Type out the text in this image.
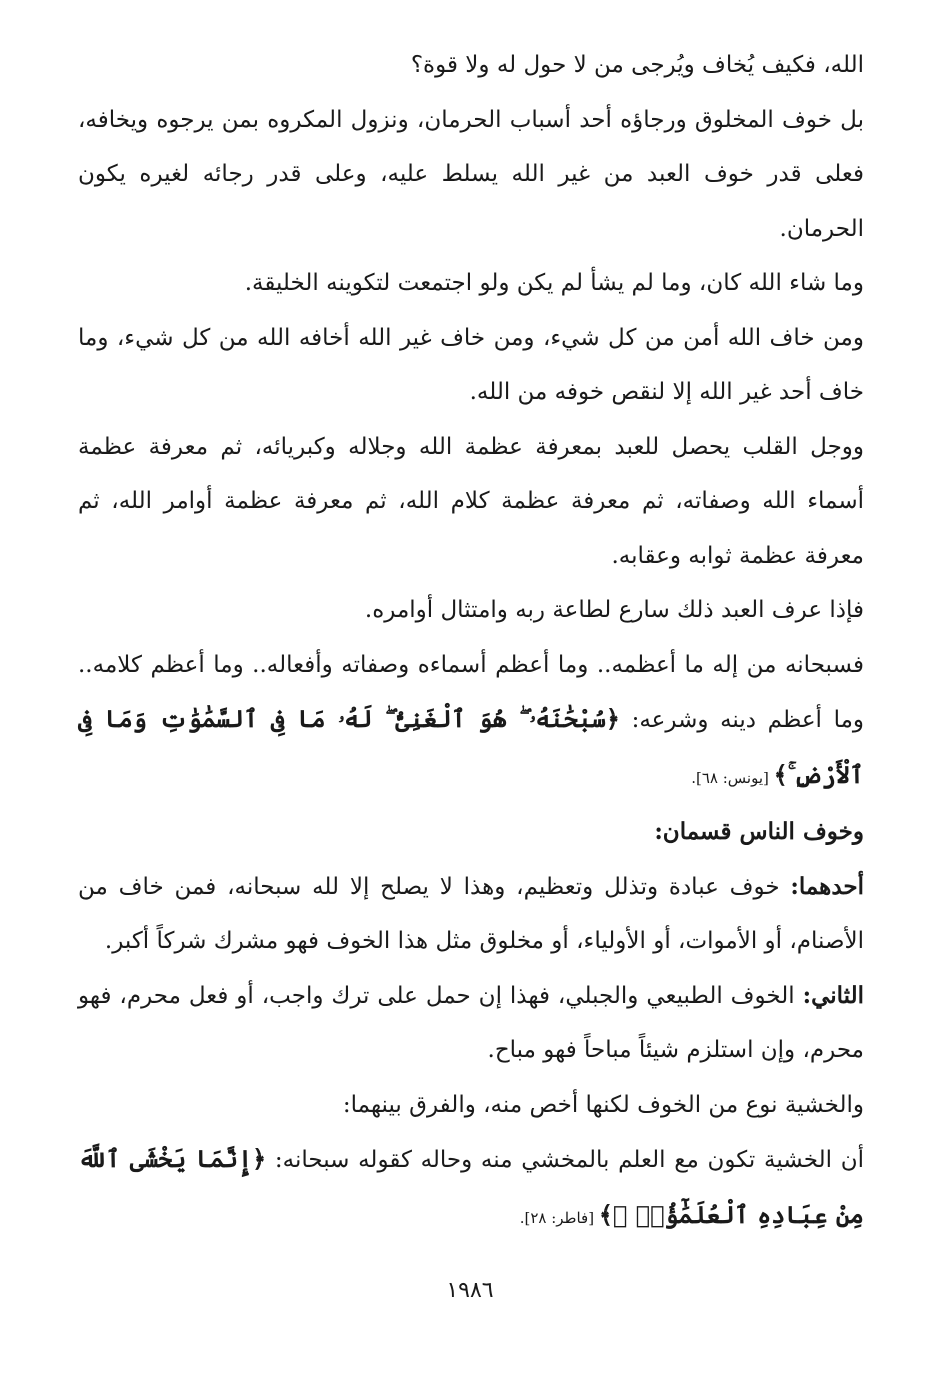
الله، فكيف يُخاف ويُرجى من لا حول له ولا قوة؟

بل خوف المخلوق ورجاؤه أحد أسباب الحرمان، ونزول المكروه بمن يرجوه ويخافه، فعلى قدر خوف العبد من غير الله يسلط عليه، وعلى قدر رجائه لغيره يكون الحرمان.

وما شاء الله كان، وما لم يشأ لم يكن ولو اجتمعت لتكوينه الخليقة.

ومن خاف الله أمن من كل شيء، ومن خاف غير الله أخافه الله من كل شيء، وما خاف أحد غير الله إلا لنقص خوفه من الله.

ووجل القلب يحصل للعبد بمعرفة عظمة الله وجلاله وكبريائه، ثم معرفة عظمة أسماء الله وصفاته، ثم معرفة عظمة كلام الله، ثم معرفة عظمة أوامر الله، ثم معرفة عظمة ثوابه وعقابه.

فإذا عرف العبد ذلك سارع لطاعة ربه وامتثال أوامره.

فسبحانه من إله ما أعظمه.. وما أعظم أسماءه وصفاته وأفعاله.. وما أعظم كلامه.. وما أعظم دينه وشرعه: ﴿سُبْحَٰنَهُۥ ۖ هُوَ ٱلْغَنِىُّ ۖ لَهُۥ مَا فِى ٱلسَّمَٰوَٰتِ وَمَا فِى ٱلْأَرْضِ ۚ﴾ [يونس: ٦٨].

وخوف الناس قسمان:

أحدهما: خوف عبادة وتذلل وتعظيم، وهذا لا يصلح إلا لله سبحانه، فمن خاف من الأصنام، أو الأموات، أو الأولياء، أو مخلوق مثل هذا الخوف فهو مشرك شركاً أكبر.

الثاني: الخوف الطبيعي والجبلي، فهذا إن حمل على ترك واجب، أو فعل محرم، فهو محرم، وإن استلزم شيئاً مباحاً فهو مباح.

والخشية نوع من الخوف لكنها أخص منه، والفرق بينهما:

أن الخشية تكون مع العلم بالمخشي منه وحاله كقوله سبحانه: ﴿إِنَّمَا يَخْشَى ٱللَّهَ مِنْ عِبَادِهِ ٱلْعُلَمَٰٓؤُا۟ ۗ﴾ [فاطر: ٢٨].

١٩٨٦
